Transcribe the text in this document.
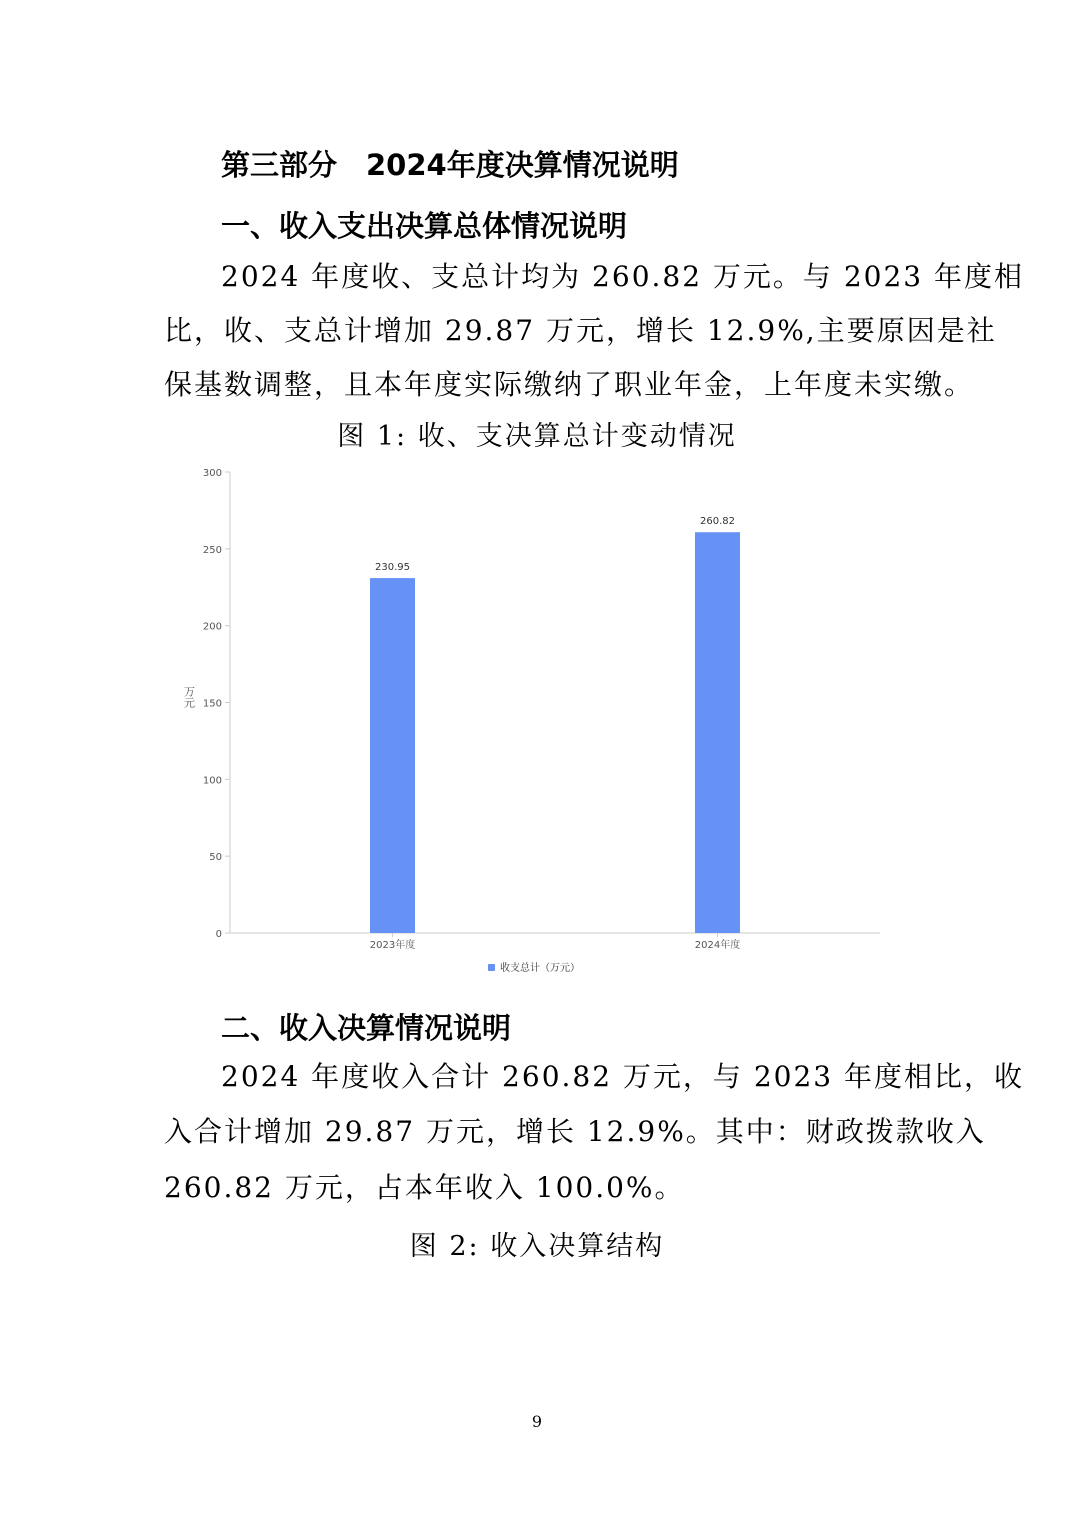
第三部分　2024年度决算情况说明
一、收入支出决算总体情况说明
2024 年度收、支总计均为 260.82 万元。与 2023 年度相
比，收、支总计增加 29.87 万元，增长 12.9%,主要原因是社
保基数调整，且本年度实际缴纳了职业年金，上年度未实缴。
图 1: 收、支决算总计变动情况
0
50
100
150
200
250
300
230.95
260.82
2023年度	2024年度
万元
收支总计（万元）
二、收入决算情况说明
2024 年度收入合计 260.82 万元，与 2023 年度相比，收
入合计增加 29.87 万元，增长 12.9%。其中：财政拨款收入
260.82 万元，占本年收入 100.0%。
图 2: 收入决算结构
9
